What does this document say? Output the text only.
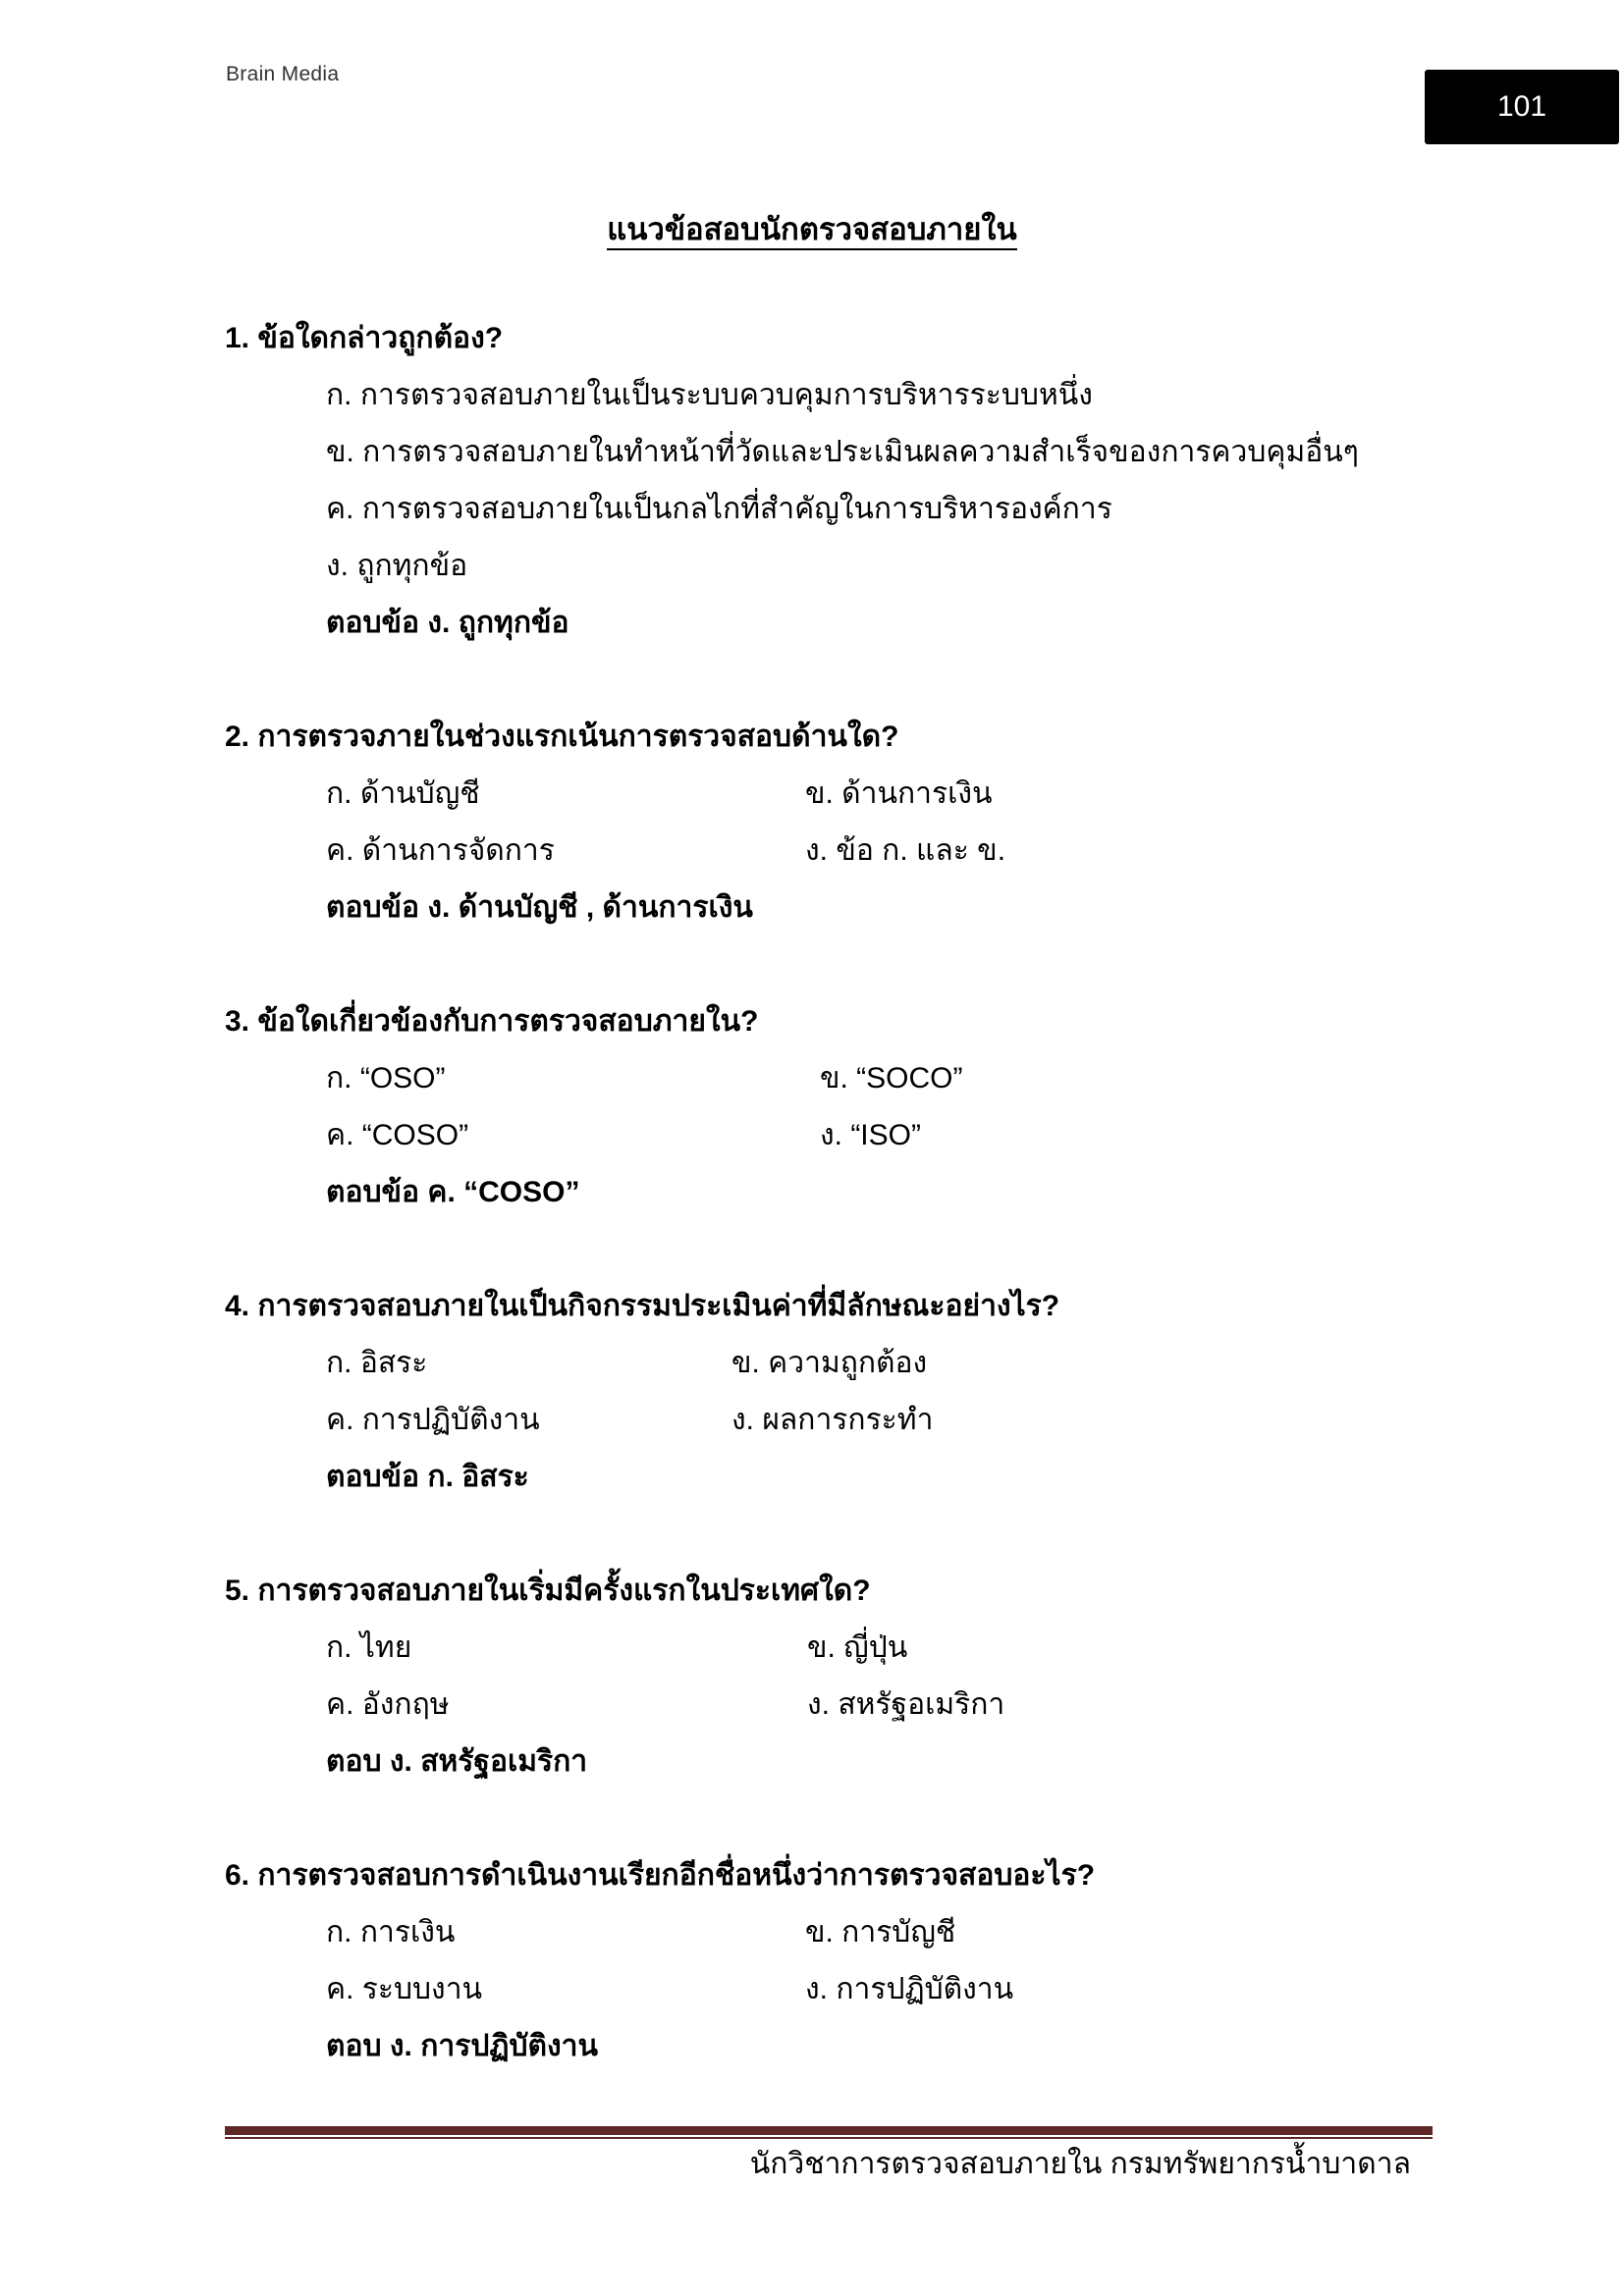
Brain Media
101
แนวข้อสอบนักตรวจสอบภายใน
1. ข้อใดกล่าวถูกต้อง?
ก. การตรวจสอบภายในเป็นระบบควบคุมการบริหารระบบหนึ่ง
ข. การตรวจสอบภายในทำหน้าที่วัดและประเมินผลความสำเร็จของการควบคุมอื่นๆ
ค. การตรวจสอบภายในเป็นกลไกที่สำคัญในการบริหารองค์การ
ง. ถูกทุกข้อ

ตอบข้อ ง. ถูกทุกข้อ

2. การตรวจภายในช่วงแรกเน้นการตรวจสอบด้านใด?
ก. ด้านบัญชี	ข. ด้านการเงิน
ค. ด้านการจัดการ	ง. ข้อ ก. และ ข.

ตอบข้อ ง. ด้านบัญชี , ด้านการเงิน

3. ข้อใดเกี่ยวข้องกับการตรวจสอบภายใน?
ก. “OSO”	ข. “SOCO”
ค. “COSO”	ง. “ISO”

ตอบข้อ ค. “COSO”

4. การตรวจสอบภายในเป็นกิจกรรมประเมินค่าที่มีลักษณะอย่างไร?
ก. อิสระ	ข. ความถูกต้อง
ค. การปฏิบัติงาน	ง. ผลการกระทำ

ตอบข้อ ก. อิสระ

5. การตรวจสอบภายในเริ่มมีครั้งแรกในประเทศใด?
ก. ไทย	ข. ญี่ปุ่น
ค. อังกฤษ	ง. สหรัฐอเมริกา

ตอบ ง. สหรัฐอเมริกา

6. การตรวจสอบการดำเนินงานเรียกอีกชื่อหนึ่งว่าการตรวจสอบอะไร?
ก. การเงิน	ข. การบัญชี
ค. ระบบงาน	ง. การปฏิบัติงาน

ตอบ ง. การปฏิบัติงาน

นักวิชาการตรวจสอบภายใน กรมทรัพยากรน้ำบาดาล
